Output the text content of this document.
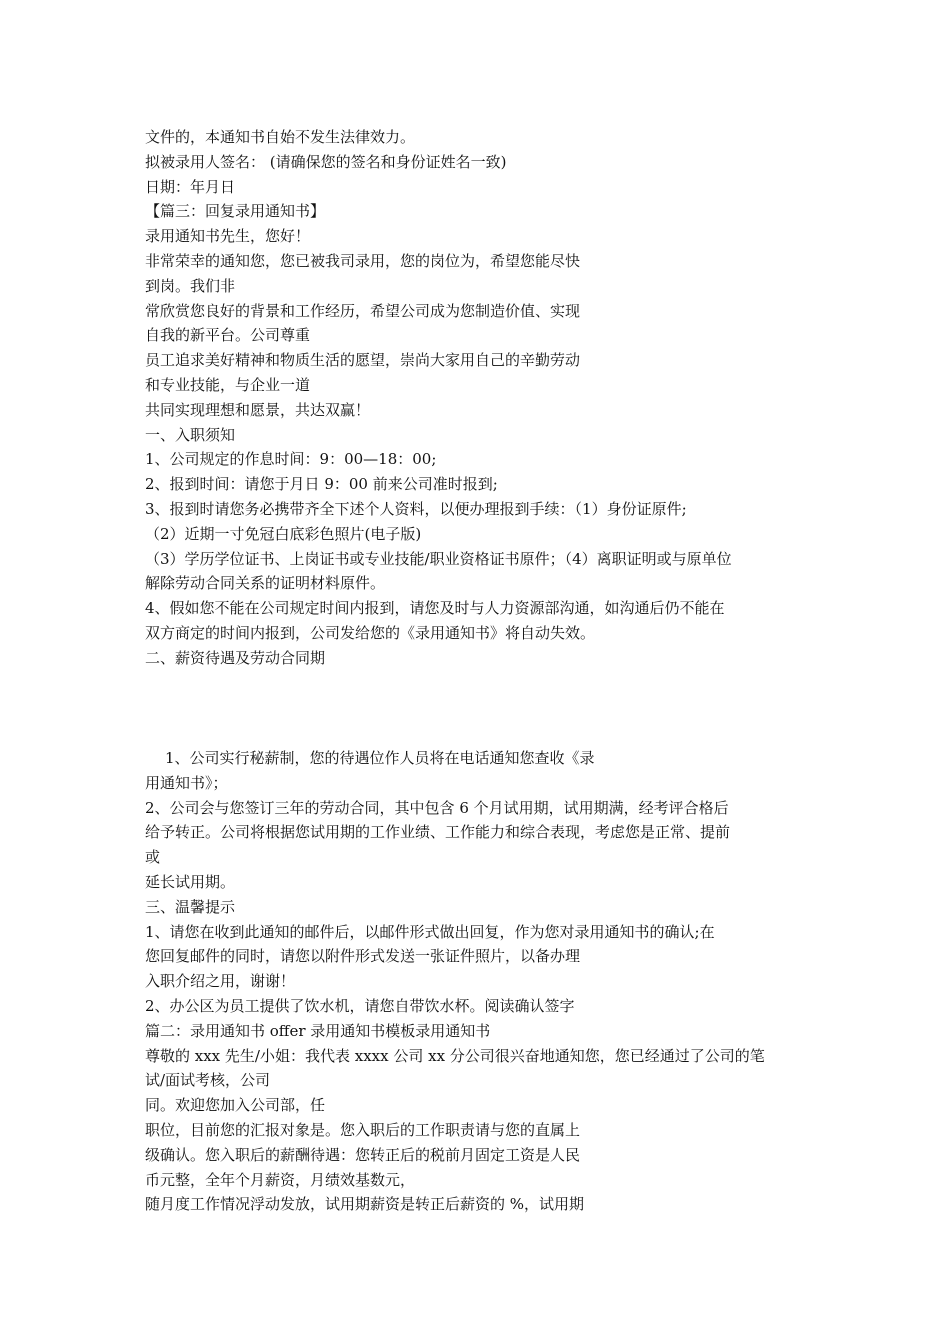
文件的，本通知书自始不发生法律效力。
拟被录用人签名： (请确保您的签名和身份证姓名一致)
日期：年月日
【篇三：回复录用通知书】
录用通知书先生，您好！
非常荣幸的通知您，您已被我司录用，您的岗位为，希望您能尽快
到岗。我们非
常欣赏您良好的背景和工作经历，希望公司成为您制造价值、实现
自我的新平台。公司尊重
员工追求美好精神和物质生活的愿望，崇尚大家用自己的辛勤劳动
和专业技能，与企业一道
共同实现理想和愿景，共达双赢！
一、入职须知
1、公司规定的作息时间：9：00—18：00;
2、报到时间：请您于月日 9：00 前来公司准时报到;
3、报到时请您务必携带齐全下述个人资料，以便办理报到手续：（1）身份证原件;
（2）近期一寸免冠白底彩色照片(电子版)
（3）学历学位证书、上岗证书或专业技能/职业资格证书原件；（4）离职证明或与原单位
解除劳动合同关系的证明材料原件。
4、假如您不能在公司规定时间内报到，请您及时与人力资源部沟通，如沟通后仍不能在
双方商定的时间内报到，公司发给您的《录用通知书》将自动失效。
二、薪资待遇及劳动合同期
1、公司实行秘薪制，您的待遇位作人员将在电话通知您查收《录
用通知书》；
2、公司会与您签订三年的劳动合同，其中包含 6 个月试用期，试用期满，经考评合格后
给予转正。公司将根据您试用期的工作业绩、工作能力和综合表现，考虑您是正常、提前
或
延长试用期。
三、温馨提示
1、请您在收到此通知的邮件后，以邮件形式做出回复，作为您对录用通知书的确认;在
您回复邮件的同时，请您以附件形式发送一张证件照片，以备办理
入职介绍之用，谢谢！
2、办公区为员工提供了饮水机，请您自带饮水杯。阅读确认签字
篇二：录用通知书 offer 录用通知书模板录用通知书
尊敬的 xxx 先生/小姐：我代表 xxxx 公司 xx 分公司很兴奋地通知您，您已经通过了公司的笔
试/面试考核，公司
同。欢迎您加入公司部，任
职位，目前您的汇报对象是。您入职后的工作职责请与您的直属上
级确认。您入职后的薪酬待遇：您转正后的税前月固定工资是人民
币元整，全年个月薪资，月绩效基数元，
随月度工作情况浮动发放，试用期薪资是转正后薪资的 %，试用期
